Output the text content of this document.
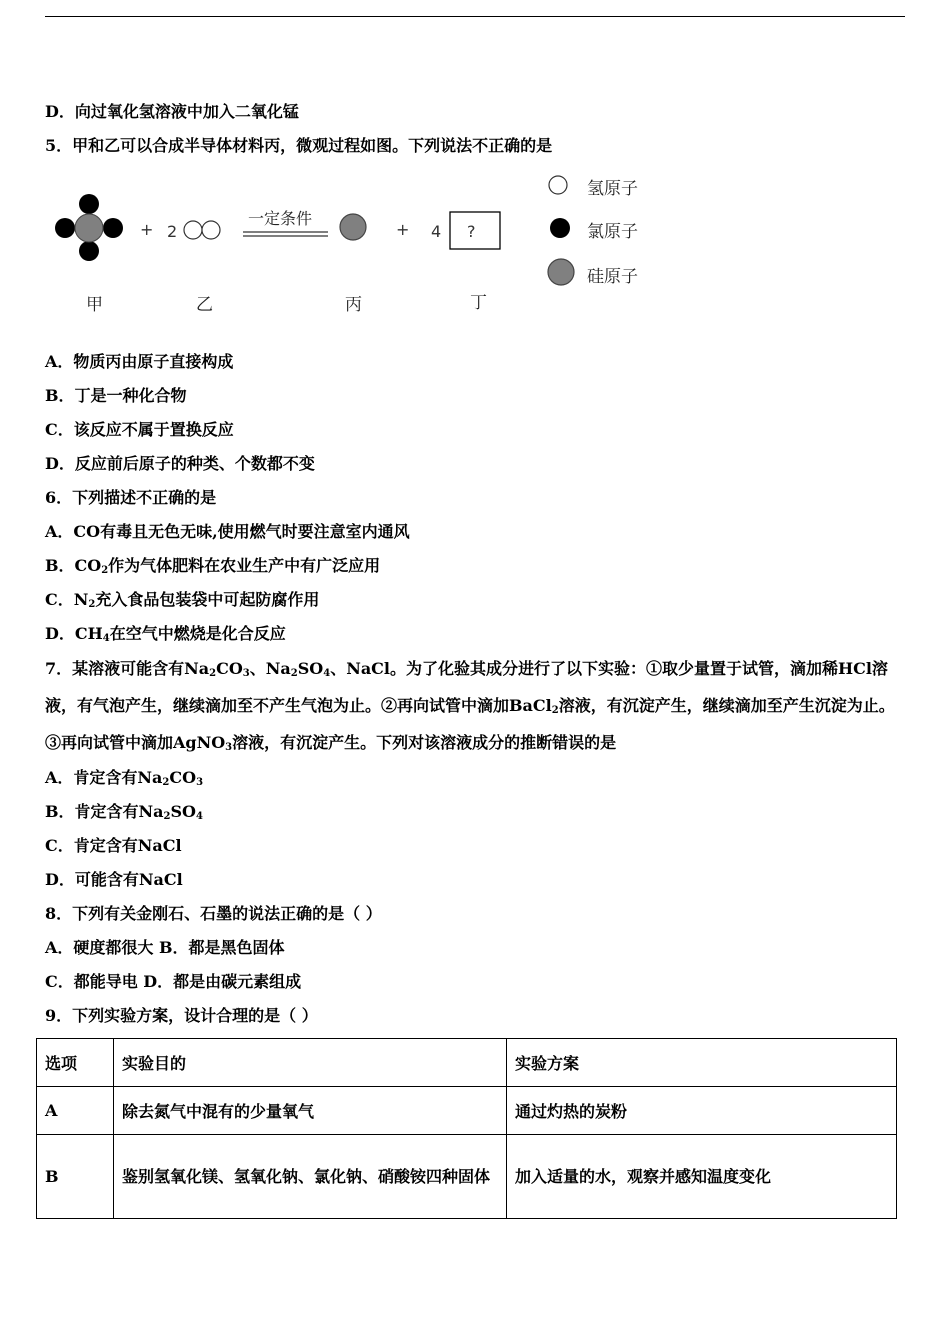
D．向过氧化氢溶液中加入二氧化锰
5．甲和乙可以合成半导体材料丙，微观过程如图。下列说法不正确的是
+ 2
一定条件
+ 4 ?
甲	乙	丙	丁
氢原子
氯原子
硅原子
A．物质丙由原子直接构成
B．丁是一种化合物
C．该反应不属于置换反应
D．反应前后原子的种类、个数都不变
6．下列描述不正确的是
A．CO有毒且无色无味,使用燃气时要注意室内通风
B．$CO_2$作为气体肥料在农业生产中有广泛应用
C．$N_2$充入食品包装袋中可起防腐作用
D．$CH_4$在空气中燃烧是化合反应
7．某溶液可能含有$Na_2CO_3$、$Na_2SO_4$、NaCl。为了化验其成分进行了以下实验：①取少量置于试管，滴加稀HCl溶液，有气泡产生，继续滴加至不产生气泡为止。②再向试管中滴加BaCl$_2$溶液，有沉淀产生，继续滴加至产生沉淀为止。③再向试管中滴加AgNO$_3$溶液，有沉淀产生。下列对该溶液成分的推断错误的是
A．肯定含有$Na_2CO_3$
B．肯定含有$Na_2SO_4$
C．肯定含有NaCl
D．可能含有NaCl
8．下列有关金刚石、石墨的说法正确的是（ ）
A．硬度都很大 B．都是黑色固体
C．都能导电 D．都是由碳元素组成
9．下列实验方案，设计合理的是（ ）
选项	实验目的	实验方案
A	除去氮气中混有的少量氧气	通过灼热的炭粉
B	鉴别氢氧化镁、氢氧化钠、氯化钠、硝酸铵四种固体	加入适量的水，观察并感知温度变化
